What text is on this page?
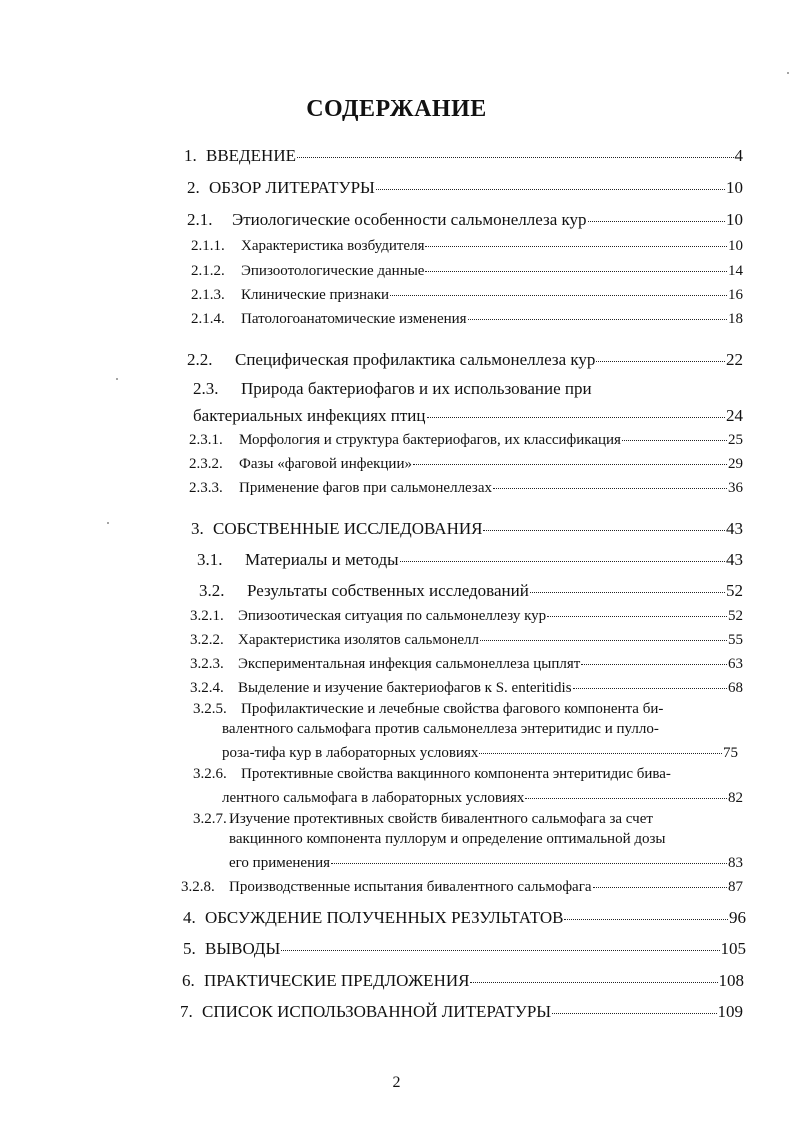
СОДЕРЖАНИЕ
1. ВВЕДЕНИЕ	4
2. ОБЗОР ЛИТЕРАТУРЫ	10
2.1.	Этиологические особенности сальмонеллеза кур	10
2.1.1.	Характеристика возбудителя	10
2.1.2.	Эпизоотологические данные	14
2.1.3.	Клинические признаки	16
2.1.4.	Патологоанатомические изменения	18
2.2.	Специфическая профилактика сальмонеллеза кур	22
2.3. Природа бактериофагов и их использование при
бактериальных инфекциях птиц	24
2.3.1.	Морфология и структура бактериофагов, их классификация	25
2.3.2.	Фазы «фаговой инфекции»	29
2.3.3.	Применение фагов при сальмонеллезах	36
3. СОБСТВЕННЫЕ ИССЛЕДОВАНИЯ	43
3.1.	Материалы и методы	43
3.2.	Результаты собственных исследований	52
3.2.1. Эпизоотическая ситуация по сальмонеллезу кур	52
3.2.2. Характеристика изолятов сальмонелл	55
3.2.3. Экспериментальная инфекция сальмонеллеза цыплят	63
3.2.4. Выделение и изучение бактериофагов к S. enteritidis	68
3.2.5. Профилактические и лечебные свойства фагового компонента би-
валентного сальмофага против сальмонеллеза энтеритидис и пулло-
роза-тифа кур в лабораторных условиях	75
3.2.6. Протективные свойства вакцинного компонента энтеритидис бива-
лентного сальмофага в лабораторных условиях	82
3.2.7. Изучение протективных свойств бивалентного сальмофага за счет
вакцинного компонента пуллорум и определение оптимальной дозы
его применения	83
3.2.8. Производственные испытания бивалентного сальмофага	87
4. ОБСУЖДЕНИЕ ПОЛУЧЕННЫХ РЕЗУЛЬТАТОВ	96
5. ВЫВОДЫ	105
6. ПРАКТИЧЕСКИЕ ПРЕДЛОЖЕНИЯ	108
7. СПИСОК ИСПОЛЬЗОВАННОЙ ЛИТЕРАТУРЫ	109
2
